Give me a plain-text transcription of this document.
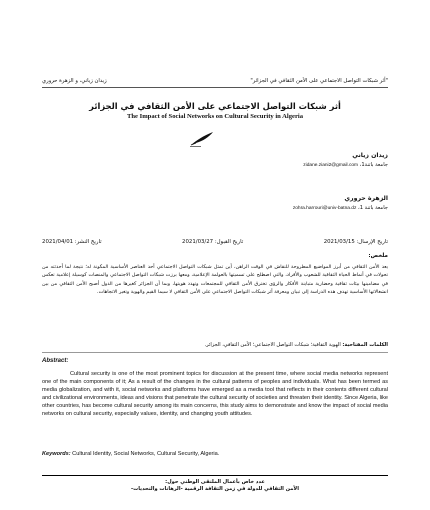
"أثر شبكات التواصل الاجتماعي على الأمن الثقافي في الجزائر"
زيدان زياني، و الزهرة حروري
أثر شبكات التواصل الاجتماعي على الأمن الثقافي في الجزائر
The Impact of Social Networks on Cultural Security in Algeria
زيدان زياني
جامعة باتنة1، zidane.ziani2@gmail.com
الزهرة حروري
جامعة باتنة 1، zohra.harrouri@univ-batna.dz
تاريخ الإرسال: 2021/03/15
تاريخ القبول: 2021/03/27
تاريخ النشر: 2021/04/01
ملخص:
يعد الأمن الثقافي من أبرز المواضيع المطروحة للنقاش في الوقت الراهن، أين تمثل شبكات التواصل الاجتماعي أحد العناصر الأساسية المكونة له؛ نتيجة لما أحدثته من تحولات في أنماط الحياة الثقافية للشعوب والأفراد، والتي اصطلح على تسميتها بالعولمة الإعلامية، ومعها برزت شبكات التواصل الاجتماعي والمنصات كوسيلة إعلامية تعكس في مضامينها بيئات ثقافية وحضارية متباينة الأفكار والرؤى تخترق الأمن الثقافي للمجتمعات وتهدد هويتها، وبما أن الجزائر كغيرها من الدول أصبح الأمن الثقافي من بين انشغالاتها الأساسية تهدف هذه الدراسة إلى تبيان ومعرفة أثر شبكات التواصل الاجتماعي على الأمن الثقافي لا سيما القيم والهوية وتغير الاتجاهات.
الكلمات المفتاحية: الهوية الثقافية؛ شبكات التواصل الاجتماعي؛ الأمن الثقافي، الجزائر.
Abstract:
Cultural security is one of the most prominent topics for discussion at the present time, where social media networks represent one of the main components of it; As a result of the changes in the cultural patterns of peoples and individuals. What has been termed as media globalization, and with it, social networks and platforms have emerged as a media tool that reflects in their contents different cultural and civilizational environments, ideas and visions that penetrate the cultural security of societies and threaten their identity. Since Algeria, like other countries, has become cultural security among its main concerns, this study aims to demonstrate and know the impact of social media networks on cultural security, especially values, identity, and changing youth attitudes.
Keywords: Cultural Identity, Social Networks, Cultural Security, Algeria.
عدد خاص بأعمال الملتقى الوطني حول:
الأمن الثقافي للدولة في زمن الثقافة الرقمية -الرهانات والتحديات-
